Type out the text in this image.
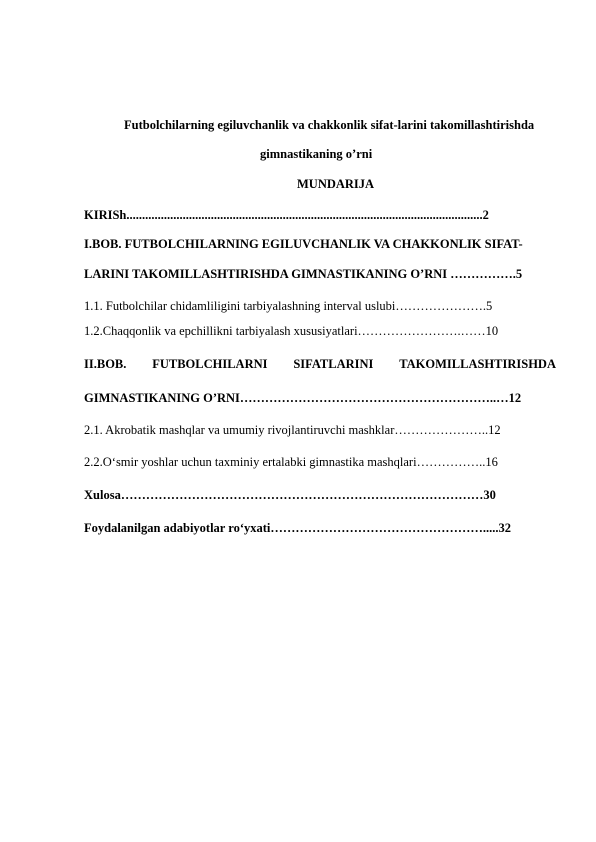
Futbolchilarning egiluvchanlik va chakkonlik sifat-larini takomillashtirishda
gimnastikaning o’rni
MUNDARIJA
KIRISh..................................................................................................................2
I.BOB. FUTBOLCHILARNING EGILUVCHANLIK VA CHAKKONLIK SIFAT-
LARINI TAKOMILLASHTIRISHDA GIMNASTIKANING O’RNI …………….5
1.1. Futbolchilar chidamliligini tarbiyalashning interval uslubi………………….5
1.2.Chaqqonlik va epchillikni tarbiyalash xususiyatlari…………………….……10
II.BOB. FUTBOLCHILARNI SIFATLARINI TAKOMILLASHTIRISHDA
GIMNASTIKANING O’RNI……………………………………………………..…12
2.1. Akrobatik mashqlar va umumiy rivojlantiruvchi mashklar…………………..12
2.2.O‘smir yoshlar uchun taxminiy ertalabki gimnastika mashqlari……………..16
Xulosa……………………………………………………………………………30
Foydalanilgan adabiyotlar ro‘yxati…………………………………………….....32
